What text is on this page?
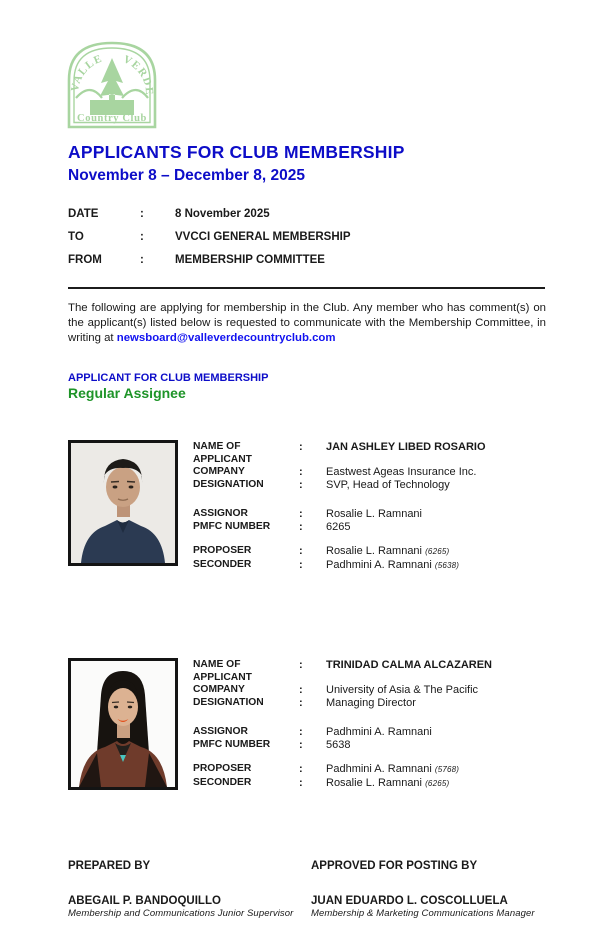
VALLE VERDE
Country Club
APPLICANTS FOR CLUB MEMBERSHIP
November 8 – December 8, 2025
DATE	:	8 November 2025
TO	:	VVCCI GENERAL MEMBERSHIP
FROM	:	MEMBERSHIP COMMITTEE

The following are applying for membership in the Club. Any member who has comment(s) on the applicant(s) listed below is requested to communicate with the Membership Committee, in writing at newsboard@valleverdecountryclub.com

APPLICANT FOR CLUB MEMBERSHIP
Regular Assignee
NAME OF APPLICANT
:	JAN ASHLEY LIBED ROSARIO
COMPANY	:	Eastwest Ageas Insurance Inc.
DESIGNATION	:	SVP, Head of Technology
ASSIGNOR	:	Rosalie L. Ramnani
PMFC NUMBER	:	6265
PROPOSER	:	Rosalie L. Ramnani (6265)
SECONDER	:	Padhmini A. Ramnani (5638)
NAME OF APPLICANT
:	TRINIDAD CALMA ALCAZAREN
COMPANY	:	University of Asia & The Pacific
DESIGNATION	:	Managing Director
ASSIGNOR	:	Padhmini A. Ramnani
PMFC NUMBER	:	5638
PROPOSER	:	Padhmini A. Ramnani (5768)
SECONDER	:	Rosalie L. Ramnani (6265)
PREPARED BY
ABEGAIL P. BANDOQUILLO
Membership and Communications Junior Supervisor
APPROVED FOR POSTING BY
JUAN EDUARDO L. COSCOLLUELA
Membership & Marketing Communications Manager
